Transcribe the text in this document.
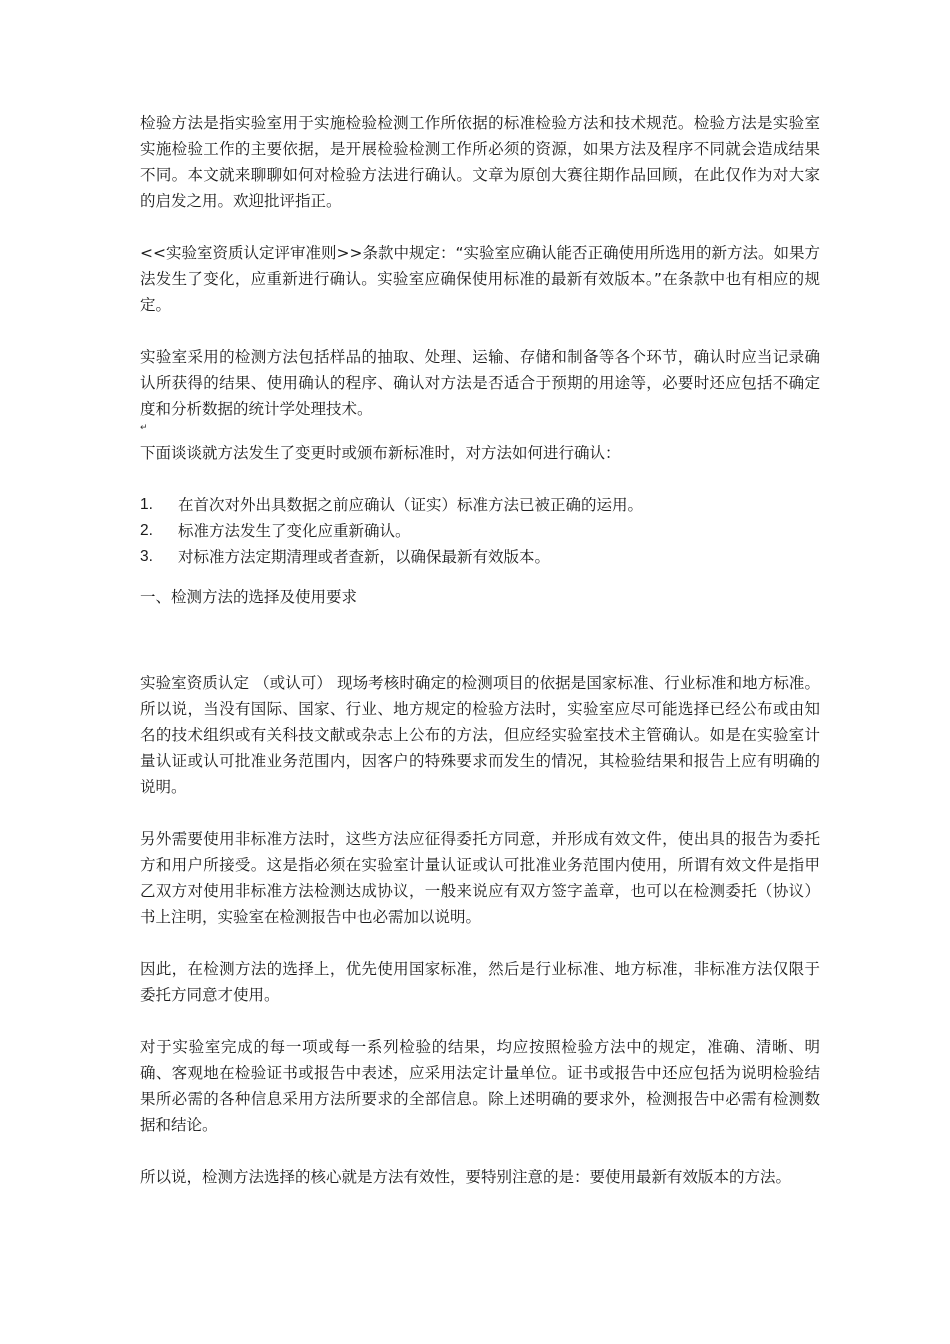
检验方法是指实验室用于实施检验检测工作所依据的标准检验方法和技术规范。检验方法是实验室实施检验工作的主要依据，是开展检验检测工作所必须的资源，如果方法及程序不同就会造成结果不同。本文就来聊聊如何对检验方法进行确认。文章为原创大赛往期作品回顾，在此仅作为对大家的启发之用。欢迎批评指正。

<<实验室资质认定评审准则>>条款中规定：“实验室应确认能否正确使用所选用的新方法。如果方法发生了变化，应重新进行确认。实验室应确保使用标准的最新有效版本。”在条款中也有相应的规定。

实验室采用的检测方法包括样品的抽取、处理、运输、存储和制备等各个环节，确认时应当记录确认所获得的结果、使用确认的程序、确认对方法是否适合于预期的用途等，必要时还应包括不确定度和分析数据的统计学处理技术。

↵

下面谈谈就方法发生了变更时或颁布新标准时，对方法如何进行确认：

1.	在首次对外出具数据之前应确认（证实）标准方法已被正确的运用。
2.	标准方法发生了变化应重新确认。
3.	对标准方法定期清理或者查新，以确保最新有效版本。

一、检测方法的选择及使用要求

实验室资质认定 （或认可） 现场考核时确定的检测项目的依据是国家标准、行业标准和地方标准。所以说，当没有国际、国家、行业、地方规定的检验方法时，实验室应尽可能选择已经公布或由知名的技术组织或有关科技文献或杂志上公布的方法，但应经实验室技术主管确认。如是在实验室计量认证或认可批准业务范围内，因客户的特殊要求而发生的情况，其检验结果和报告上应有明确的说明。

另外需要使用非标准方法时，这些方法应征得委托方同意，并形成有效文件，使出具的报告为委托方和用户所接受。这是指必须在实验室计量认证或认可批准业务范围内使用，所谓有效文件是指甲乙双方对使用非标准方法检测达成协议，一般来说应有双方签字盖章，也可以在检测委托（协议）书上注明，实验室在检测报告中也必需加以说明。

因此，在检测方法的选择上，优先使用国家标准，然后是行业标准、地方标准，非标准方法仅限于委托方同意才使用。

对于实验室完成的每一项或每一系列检验的结果，均应按照检验方法中的规定，准确、清晰、明确、客观地在检验证书或报告中表述，应采用法定计量单位。证书或报告中还应包括为说明检验结果所必需的各种信息采用方法所要求的全部信息。除上述明确的要求外，检测报告中必需有检测数据和结论。

所以说，检测方法选择的核心就是方法有效性，要特别注意的是：要使用最新有效版本的方法。
